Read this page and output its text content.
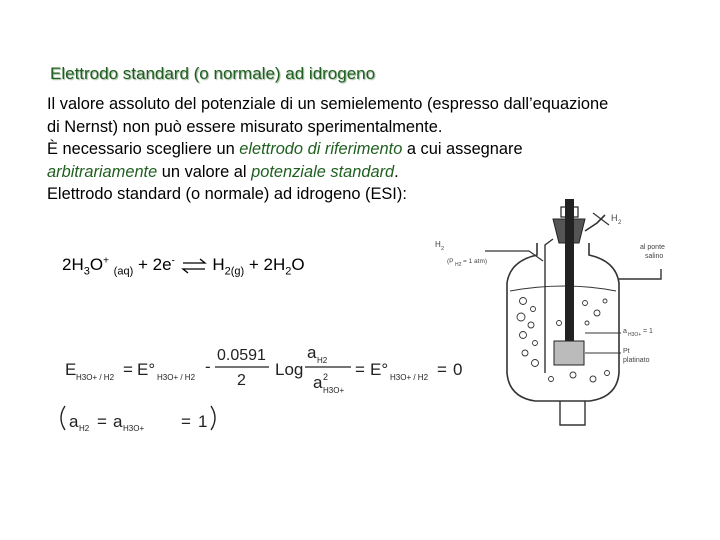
Elettrodo standard (o normale) ad idrogeno

Il valore assoluto del potenziale di un semielemento (espresso dall’equazione

di Nernst) non può essere misurato sperimentalmente.

È necessario scegliere un elettrodo di riferimento a cui assegnare

arbitrariamente un valore al potenziale standard.

Elettrodo standard (o normale) ad idrogeno (ESI):

$2H_3O^+$ $_{(aq)}$ + 2e- ⇌ $H_{2(g)} + 2H_2O$
E H3O+ / H2 = E° H3O+ / H2
-
0.0591
2
Log
a H2
a H3O+
2 = E° H3O+ / H2 = 0
a H2 = a H3O+ = 1
H 2
H 2
(P H2 = 1 atm)
al ponte
salino
a H3O+ = 1
Pt
platinato
